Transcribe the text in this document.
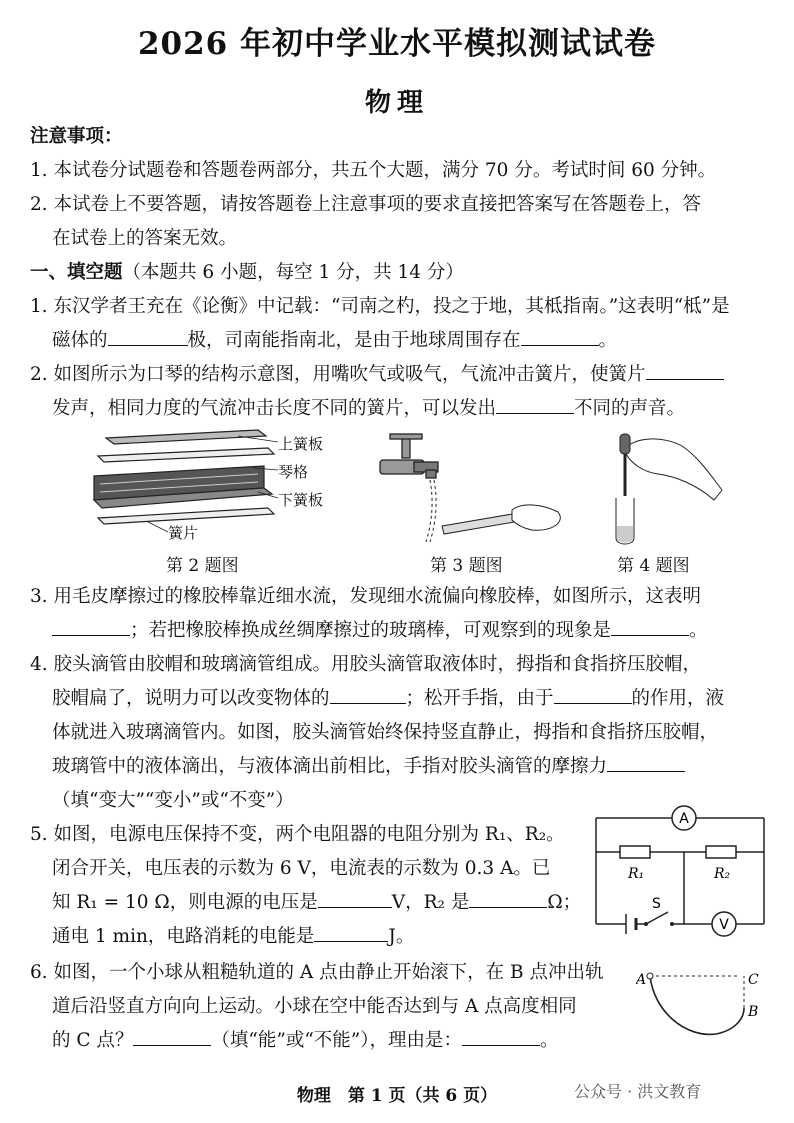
2026 年初中学业水平模拟测试试卷
物理
注意事项：
1. 本试卷分试题卷和答题卷两部分，共五个大题，满分 70 分。考试时间 60 分钟。
2. 本试卷上不要答题，请按答题卷上注意事项的要求直接把答案写在答题卷上，答
在试卷上的答案无效。
一、填空题（本题共 6 小题，每空 1 分，共 14 分）
1. 东汉学者王充在《论衡》中记载：“司南之杓，投之于地，其柢指南。”这表明“柢”是
磁体的	极，司南能指南北，是由于地球周围存在	。
2. 如图所示为口琴的结构示意图，用嘴吹气或吸气，气流冲击簧片，使簧片
发声，相同力度的气流冲击长度不同的簧片，可以发出	不同的声音。
上簧板
琴格
下簧板
簧片
第 2 题图	第 3 题图	第 4 题图
3. 用毛皮摩擦过的橡胶棒靠近细水流，发现细水流偏向橡胶棒，如图所示，这表明
；若把橡胶棒换成丝绸摩擦过的玻璃棒，可观察到的现象是	。
4. 胶头滴管由胶帽和玻璃滴管组成。用胶头滴管取液体时，拇指和食指挤压胶帽，
胶帽扁了，说明力可以改变物体的	；松开手指，由于	的作用，液
体就进入玻璃滴管内。如图，胶头滴管始终保持竖直静止，拇指和食指挤压胶帽，
玻璃管中的液体滴出，与液体滴出前相比，手指对胶头滴管的摩擦力
（填“变大”“变小”或“不变”）
5. 如图，电源电压保持不变，两个电阻器的电阻分别为 R₁、R₂。
闭合开关，电压表的示数为 6 V，电流表的示数为 0.3 A。已
知 R₁ = 10 Ω，则电源的电压是	V，R₂ 是	Ω；
通电 1 min，电路消耗的电能是	J。
A
V
R₁	R₂
S
6. 如图，一个小球从粗糙轨道的 A 点由静止开始滚下，在 B 点冲出轨
道后沿竖直方向向上运动。小球在空中能否达到与 A 点高度相同
的 C 点？	（填“能”或“不能”），理由是：	。
A	C
B
物理　第 1 页（共 6 页）	公众号 · 洪文教育
